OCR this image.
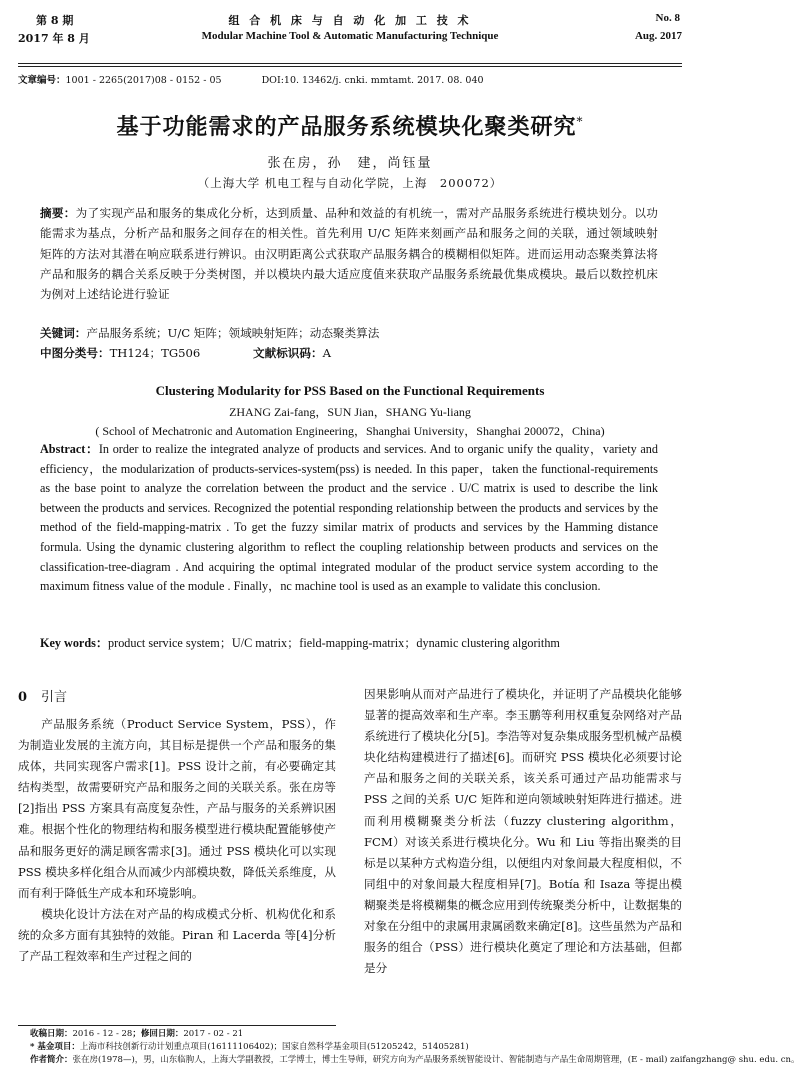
第 8 期
2017 年 8 月
组 合 机 床 与 自 动 化 加 工 技 术
Modular Machine Tool & Automatic Manufacturing Technique
No. 8
Aug. 2017
文章编号：1001 - 2265(2017)08 - 0152 - 05	DOI:10. 13462/j. cnki. mmtamt. 2017. 08. 040
基于功能需求的产品服务系统模块化聚类研究*
张在房，孙　建，尚钰量
（上海大学 机电工程与自动化学院，上海　200072）
摘要：为了实现产品和服务的集成化分析，达到质量、品种和效益的有机统一，需对产品服务系统进行模块划分。以功能需求为基点，分析产品和服务之间存在的相关性。首先利用 U/C 矩阵来刻画产品和服务之间的关联，通过领域映射矩阵的方法对其潜在响应联系进行辨识。由汉明距离公式获取产品服务耦合的模糊相似矩阵。进而运用动态聚类算法将产品和服务的耦合关系反映于分类树图，并以模块内最大适应度值来获取产品服务系统最优集成模块。最后以数控机床为例对上述结论进行验证
关键词：产品服务系统；U/C 矩阵；领域映射矩阵；动态聚类算法
中图分类号：TH124；TG506	文献标识码：A
Clustering Modularity for PSS Based on the Functional Requirements
ZHANG Zai-fang，SUN Jian，SHANG Yu-liang
( School of Mechatronic and Automation Engineering，Shanghai University，Shanghai 200072，China)
Abstract：In order to realize the integrated analyze of products and services. And to organic unify the quality，variety and efficiency，the modularization of products-services-system(pss) is needed. In this paper，taken the functional-requirements as the base point to analyze the correlation between the product and the service . U/C matrix is used to describe the link between the products and services. Recognized the potential responding relationship between the products and services by the method of the field-mapping-matrix . To get the fuzzy similar matrix of products and services by the Hamming distance formula. Using the dynamic clustering algorithm to reflect the coupling relationship between products and services on the classification-tree-diagram . And acquiring the optimal integrated modular of the product service system according to the maximum fitness value of the module . Finally，nc machine tool is used as an example to validate this conclusion.
Key words：product service system；U/C matrix；field-mapping-matrix；dynamic clustering algorithm
0 引言

产品服务系统（Product Service System，PSS），作为制造业发展的主流方向，其目标是提供一个产品和服务的集成体，共同实现客户需求[1]。PSS 设计之前，有必要确定其结构类型，故需要研究产品和服务之间的关联关系。张在房等[2]指出 PSS 方案具有高度复杂性，产品与服务的关系辨识困难。根据个性化的物理结构和服务模型进行模块配置能够使产品和服务更好的满足顾客需求[3]。通过 PSS 模块化可以实现 PSS 模块多样化组合从而减少内部模块数，降低关系维度，从而有利于降低生产成本和环境影响。

模块化设计方法在对产品的构成模式分析、机构优化和系统的众多方面有其独特的效能。Piran 和 Lacerda 等[4]分析了产品工程效率和生产过程之间的

因果影响从而对产品进行了模块化，并证明了产品模块化能够显著的提高效率和生产率。李玉鹏等利用权重复杂网络对产品系统进行了模块化分[5]。李浩等对复杂集成服务型机械产品模块化结构建模进行了描述[6]。而研究 PSS 模块化必须要讨论产品和服务之间的关联关系，该关系可通过产品功能需求与 PSS 之间的关系 U/C 矩阵和逆向领域映射矩阵进行描述。进而利用模糊聚类分析法（fuzzy clustering algorithm，FCM）对该关系进行模块化分。Wu 和 Liu 等指出聚类的目标是以某种方式构造分组，以便组内对象间最大程度相似，不同组中的对象间最大程度相异[7]。Botía 和 Isaza 等提出模糊聚类是将模糊集的概念应用到传统聚类分析中，让数据集的对象在分组中的隶属用隶属函数来确定[8]。这些虽然为产品和服务的组合（PSS）进行模块化奠定了理论和方法基础，但都是分

收稿日期：2016 - 12 - 28；修回日期：2017 - 02 - 21
* 基金项目：上海市科技创新行动计划重点项目(16111106402)；国家自然科学基金项目(51205242，51405281)
作者简介：张在房(1978—)，男，山东临朐人，上海大学副教授，工学博士，博士生导师，研究方向为产品服务系统智能设计、智能制造与产品生命周期管理，(E - mail) zaifangzhang@ shu. edu. cn。
